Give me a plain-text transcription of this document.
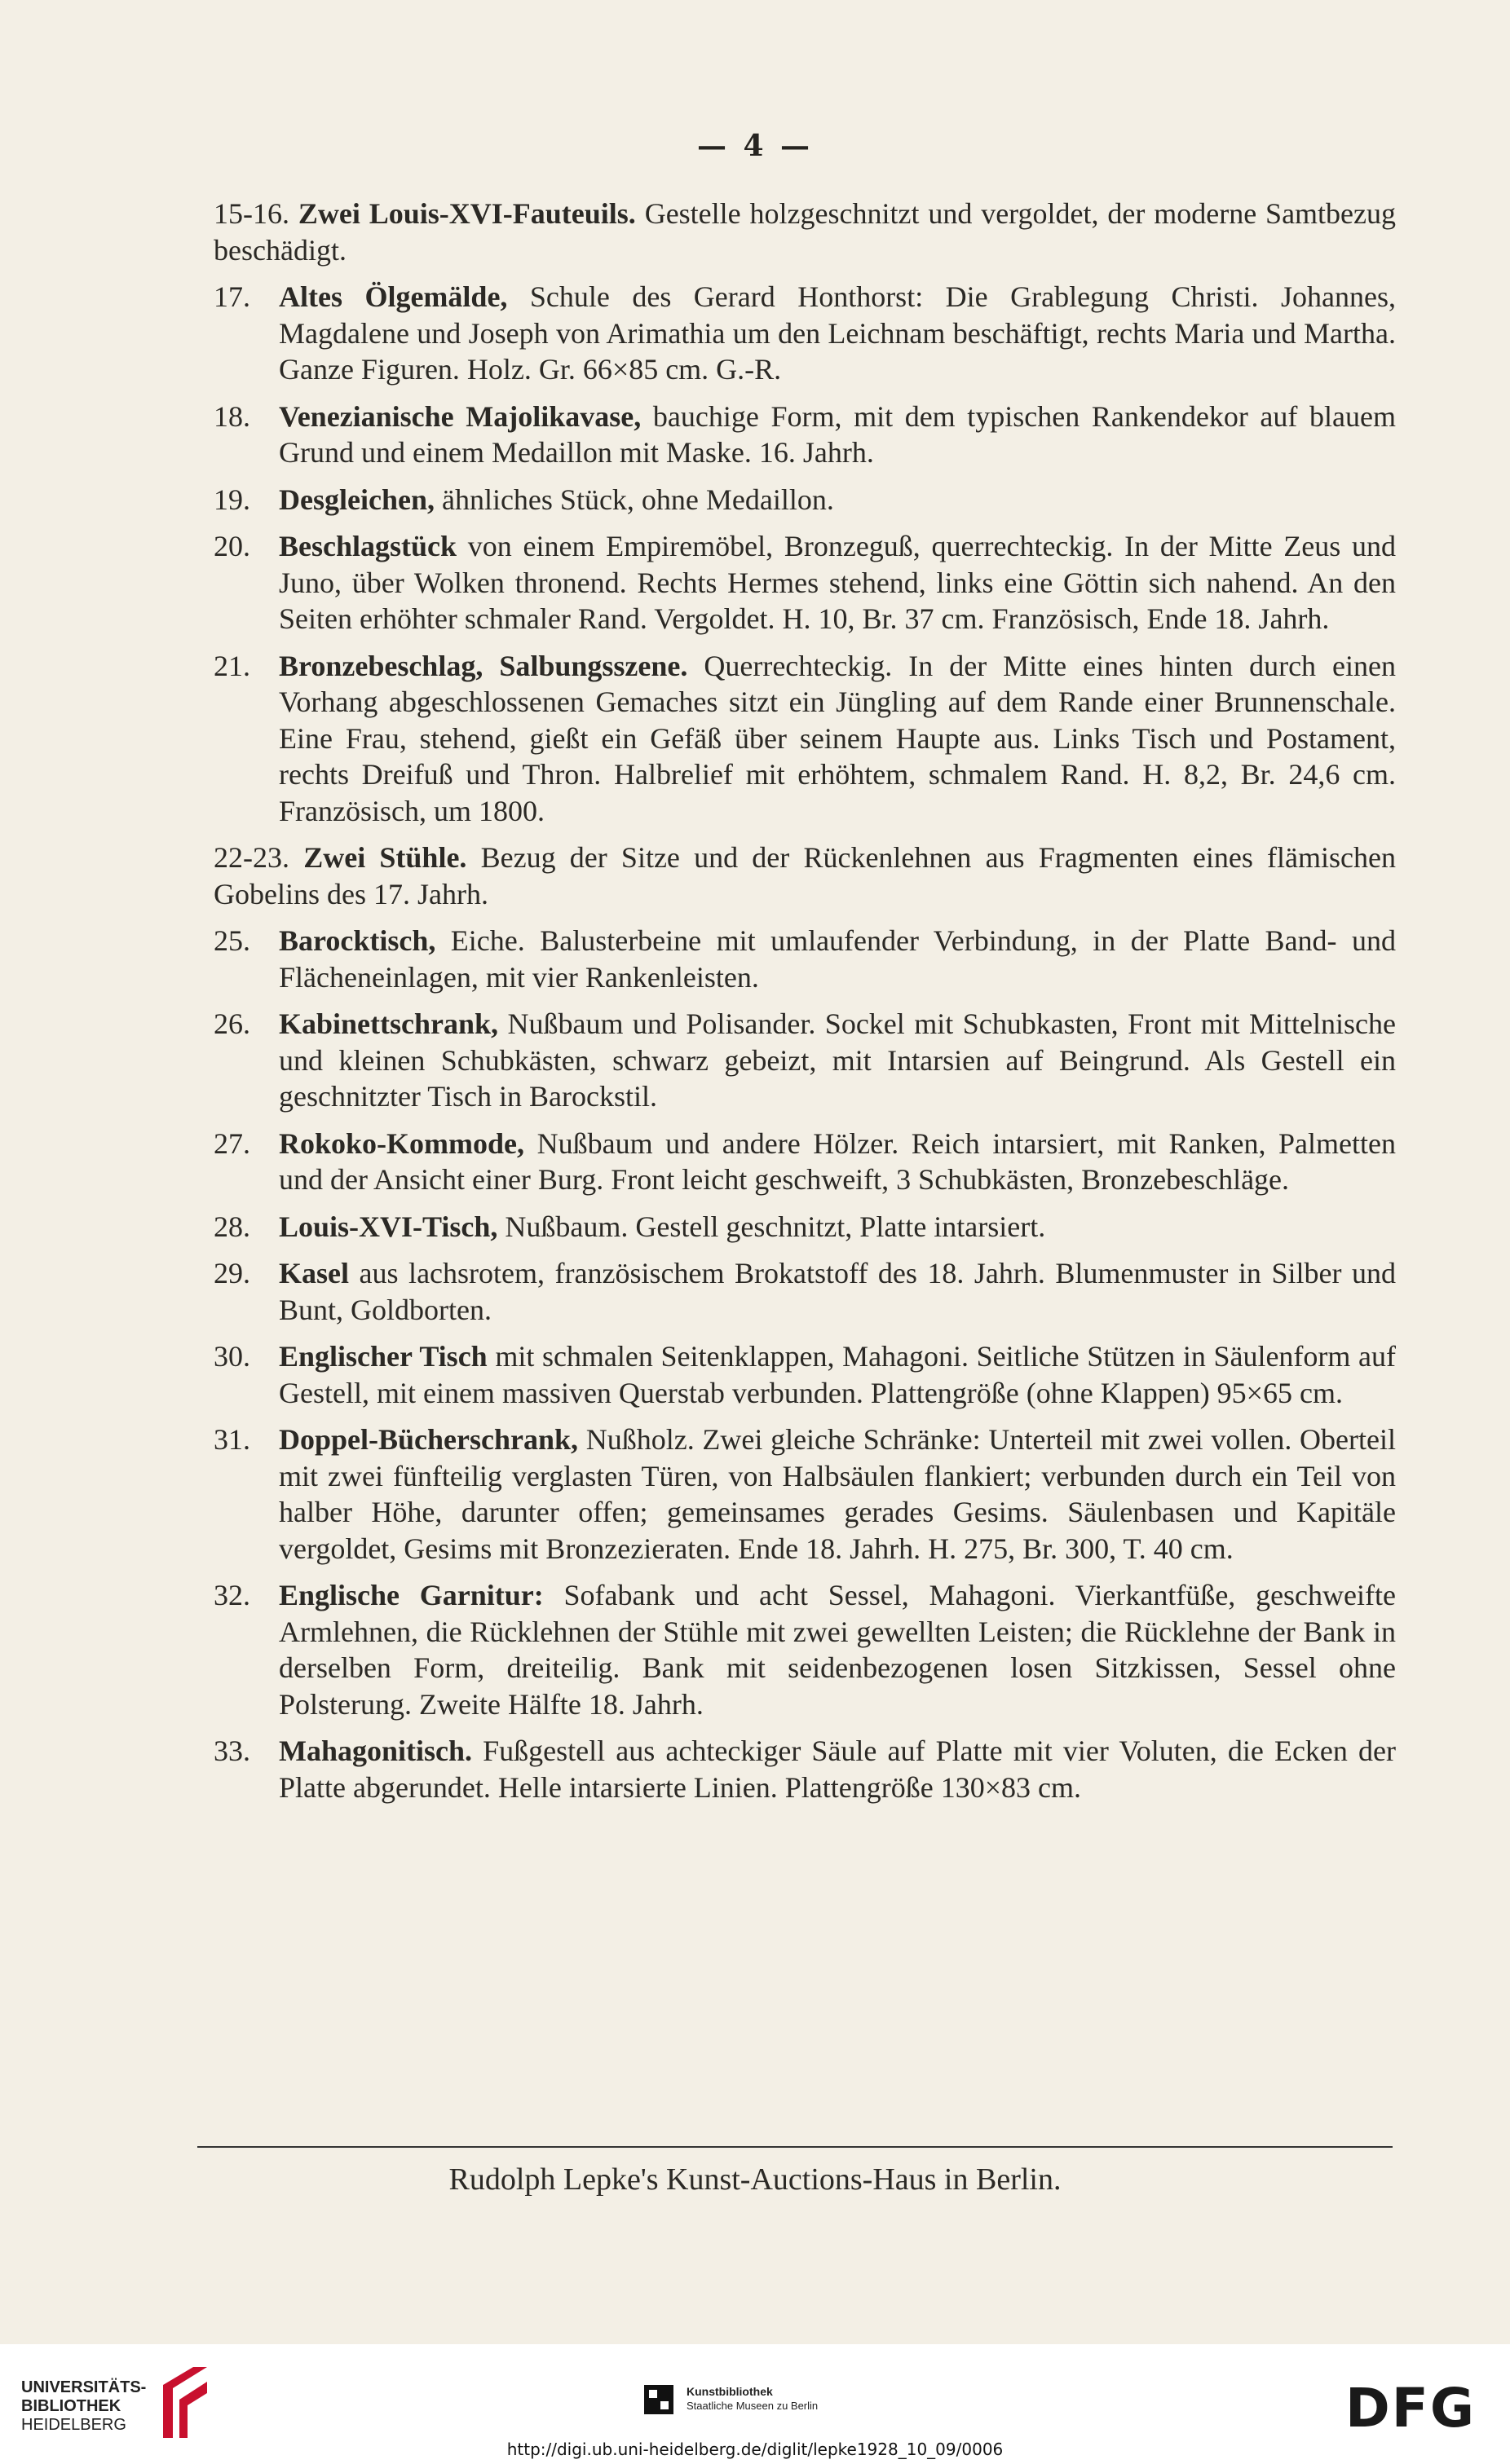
— 4 —
15-16. Zwei Louis-XVI-Fauteuils. Gestelle holzgeschnitzt und vergoldet, der moderne Samtbezug beschädigt.
17. Altes Ölgemälde, Schule des Gerard Honthorst: Die Grablegung Christi. Johannes, Magdalene und Joseph von Arimathia um den Leichnam beschäftigt, rechts Maria und Martha. Ganze Figuren. Holz. Gr. 66×85 cm. G.-R.
18. Venezianische Majolikavase, bauchige Form, mit dem typischen Rankendekor auf blauem Grund und einem Medaillon mit Maske. 16. Jahrh.
19. Desgleichen, ähnliches Stück, ohne Medaillon.
20. Beschlagstück von einem Empiremöbel, Bronzeguß, querrechteckig. In der Mitte Zeus und Juno, über Wolken thronend. Rechts Hermes stehend, links eine Göttin sich nahend. An den Seiten erhöhter schmaler Rand. Vergoldet. H. 10, Br. 37 cm. Französisch, Ende 18. Jahrh.
21. Bronzebeschlag, Salbungsszene. Querrechteckig. In der Mitte eines hinten durch einen Vorhang abgeschlossenen Gemaches sitzt ein Jüngling auf dem Rande einer Brunnenschale. Eine Frau, stehend, gießt ein Gefäß über seinem Haupte aus. Links Tisch und Postament, rechts Dreifuß und Thron. Halbrelief mit erhöhtem, schmalem Rand. H. 8,2, Br. 24,6 cm. Französisch, um 1800.
22-23. Zwei Stühle. Bezug der Sitze und der Rückenlehnen aus Fragmenten eines flämischen Gobelins des 17. Jahrh.
25. Barocktisch, Eiche. Balusterbeine mit umlaufender Verbindung, in der Platte Band- und Flächeneinlagen, mit vier Rankenleisten.
26. Kabinettschrank, Nußbaum und Polisander. Sockel mit Schubkasten, Front mit Mittelnische und kleinen Schubkästen, schwarz gebeizt, mit Intarsien auf Beingrund. Als Gestell ein geschnitzter Tisch in Barockstil.
27. Rokoko-Kommode, Nußbaum und andere Hölzer. Reich intarsiert, mit Ranken, Palmetten und der Ansicht einer Burg. Front leicht geschweift, 3 Schubkästen, Bronzebeschläge.
28. Louis-XVI-Tisch, Nußbaum. Gestell geschnitzt, Platte intarsiert.
29. Kasel aus lachsrotem, französischem Brokatstoff des 18. Jahrh. Blumenmuster in Silber und Bunt, Goldborten.
30. Englischer Tisch mit schmalen Seitenklappen, Mahagoni. Seitliche Stützen in Säulenform auf Gestell, mit einem massiven Querstab verbunden. Plattengröße (ohne Klappen) 95×65 cm.
31. Doppel-Bücherschrank, Nußholz. Zwei gleiche Schränke: Unterteil mit zwei vollen. Oberteil mit zwei fünfteilig verglasten Türen, von Halbsäulen flankiert; verbunden durch ein Teil von halber Höhe, darunter offen; gemeinsames gerades Gesims. Säulenbasen und Kapitäle vergoldet, Gesims mit Bronzezieraten. Ende 18. Jahrh. H. 275, Br. 300, T. 40 cm.
32. Englische Garnitur: Sofabank und acht Sessel, Mahagoni. Vierkantfüße, geschweifte Armlehnen, die Rücklehnen der Stühle mit zwei gewellten Leisten; die Rücklehne der Bank in derselben Form, dreiteilig. Bank mit seidenbezogenen losen Sitzkissen, Sessel ohne Polsterung. Zweite Hälfte 18. Jahrh.
33. Mahagonitisch. Fußgestell aus achteckiger Säule auf Platte mit vier Voluten, die Ecken der Platte abgerundet. Helle intarsierte Linien. Plattengröße 130×83 cm.
Rudolph Lepke's Kunst-Auctions-Haus in Berlin.
UNIVERSITÄTS-
BIBLIOTHEK
HEIDELBERG
Kunstbibliothek
Staatliche Museen zu Berlin	DFG
http://digi.ub.uni-heidelberg.de/diglit/lepke1928_10_09/0006
